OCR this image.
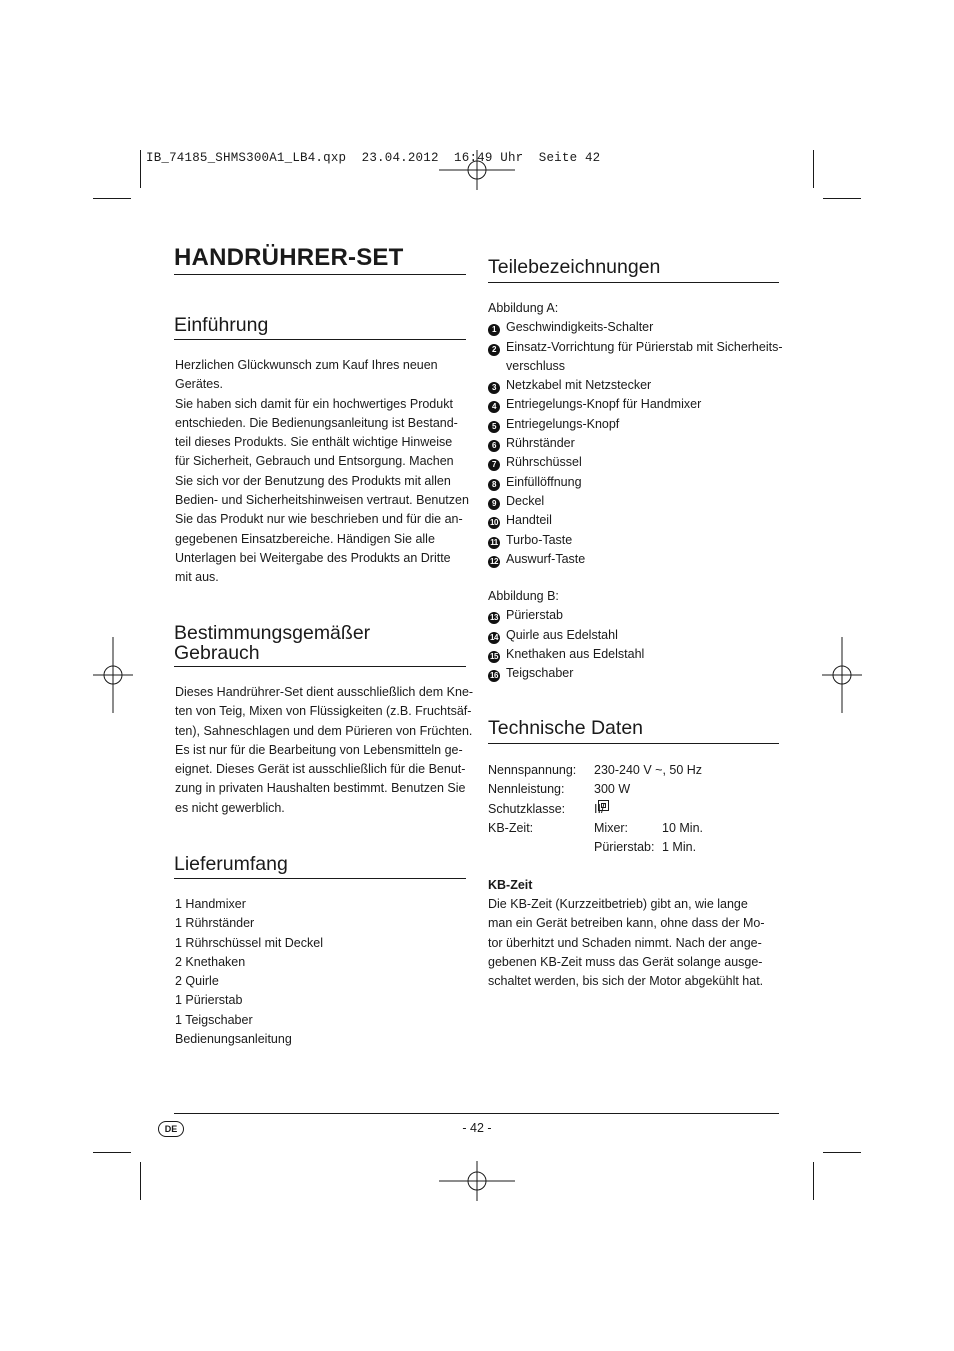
IB_74185_SHMS300A1_LB4.qxp  23.04.2012  16:49 Uhr  Seite 42
HANDRÜHRER-SET
Einführung
Herzlichen Glückwunsch zum Kauf Ihres neuen
Gerätes.
Sie haben sich damit für ein hochwertiges Produkt
entschieden. Die Bedienungsanleitung ist Bestand-
teil dieses Produkts. Sie enthält wichtige Hinweise
für Sicherheit, Gebrauch und Entsorgung. Machen
Sie sich vor der Benutzung des Produkts mit allen
Bedien- und Sicherheitshinweisen vertraut. Benutzen
Sie das Produkt nur wie beschrieben und für die an-
gegebenen Einsatzbereiche. Händigen Sie alle
Unterlagen bei Weitergabe des Produkts an Dritte
mit aus.
Bestimmungsgemäßer
Gebrauch
Dieses Handrührer-Set dient ausschließlich dem Kne-
ten von Teig, Mixen von Flüssigkeiten (z.B. Fruchtsäf-
ten), Sahneschlagen und dem Pürieren von Früchten.
Es ist nur für die Bearbeitung von Lebensmitteln ge-
eignet. Dieses Gerät ist ausschließlich für die Benut-
zung in privaten Haushalten bestimmt. Benutzen Sie
es nicht gewerblich.
Lieferumfang
1 Handmixer
1 Rührständer
1 Rührschüssel mit Deckel
2 Knethaken
2 Quirle
1 Pürierstab
1 Teigschaber
Bedienungsanleitung
Teilebezeichnungen
Abbildung A:
1 Geschwindigkeits-Schalter
2 Einsatz-Vorrichtung für Pürierstab mit Sicherheits-
verschluss
3 Netzkabel mit Netzstecker
4 Entriegelungs-Knopf für Handmixer
5 Entriegelungs-Knopf
6 Rührständer
7 Rührschüssel
8 Einfüllöffnung
9 Deckel
10 Handteil
11 Turbo-Taste
12 Auswurf-Taste
Abbildung B:
13 Pürierstab
14 Quirle aus Edelstahl
15 Knethaken aus Edelstahl
16 Teigschaber
Technische Daten
Nennspannung: 230-240 V ~, 50 Hz
Nennleistung: 300 W
Schutzklasse: II/
KB-Zeit:	Mixer:	10 Min.
Pürierstab: 1 Min.
KB-Zeit
Die KB-Zeit (Kurzzeitbetrieb) gibt an, wie lange
man ein Gerät betreiben kann, ohne dass der Mo-
tor überhitzt und Schaden nimmt. Nach der ange-
gebenen KB-Zeit muss das Gerät solange ausge-
schaltet werden, bis sich der Motor abgekühlt hat.
DE	- 42 -
